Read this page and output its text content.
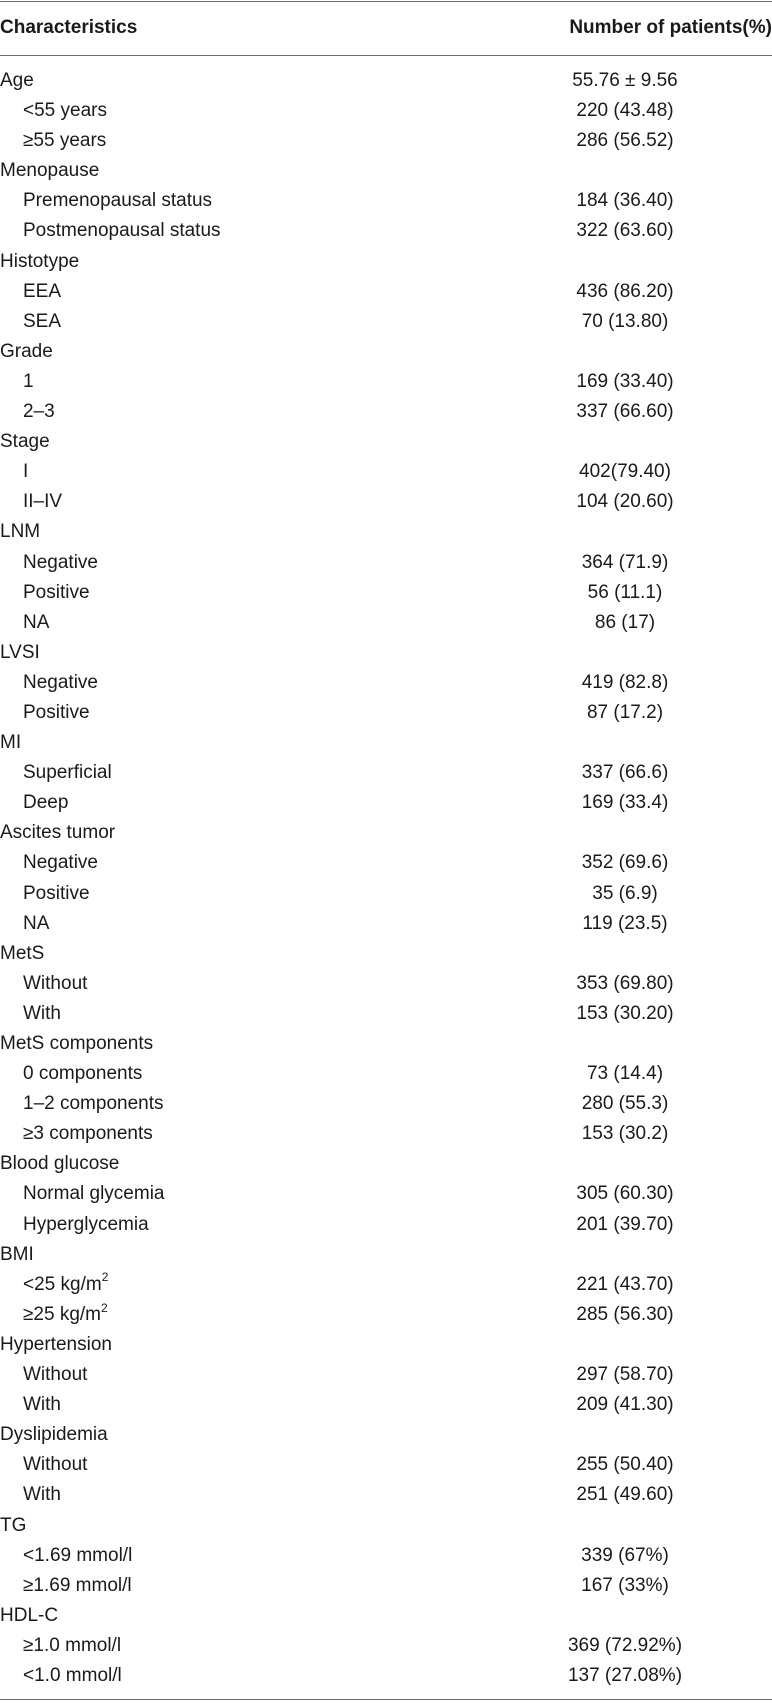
Characteristics	Number of patients(%)
Age	55.76 ± 9.56
<55 years	220 (43.48)
≥55 years	286 (56.52)
Menopause
Premenopausal status	184 (36.40)
Postmenopausal status	322 (63.60)
Histotype
EEA	436 (86.20)
SEA	70 (13.80)
Grade
1	169 (33.40)
2–3	337 (66.60)
Stage
I	402(79.40)
II–IV	104 (20.60)
LNM
Negative	364 (71.9)
Positive	56 (11.1)
NA	86 (17)
LVSI
Negative	419 (82.8)
Positive	87 (17.2)
MI
Superficial	337 (66.6)
Deep	169 (33.4)
Ascites tumor
Negative	352 (69.6)
Positive	35 (6.9)
NA	119 (23.5)
MetS
Without	353 (69.80)
With	153 (30.20)
MetS components
0 components	73 (14.4)
1–2 components	280 (55.3)
≥3 components	153 (30.2)
Blood glucose
Normal glycemia	305 (60.30)
Hyperglycemia	201 (39.70)
BMI
<25 $kg/m^2$	221 (43.70)
≥25 $kg/m^2$	285 (56.30)
Hypertension
Without	297 (58.70)
With	209 (41.30)
Dyslipidemia
Without	255 (50.40)
With	251 (49.60)
TG
<1.69 mmol/l	339 (67%)
≥1.69 mmol/l	167 (33%)
HDL-C
≥1.0 mmol/l	369 (72.92%)
<1.0 mmol/l	137 (27.08%)
